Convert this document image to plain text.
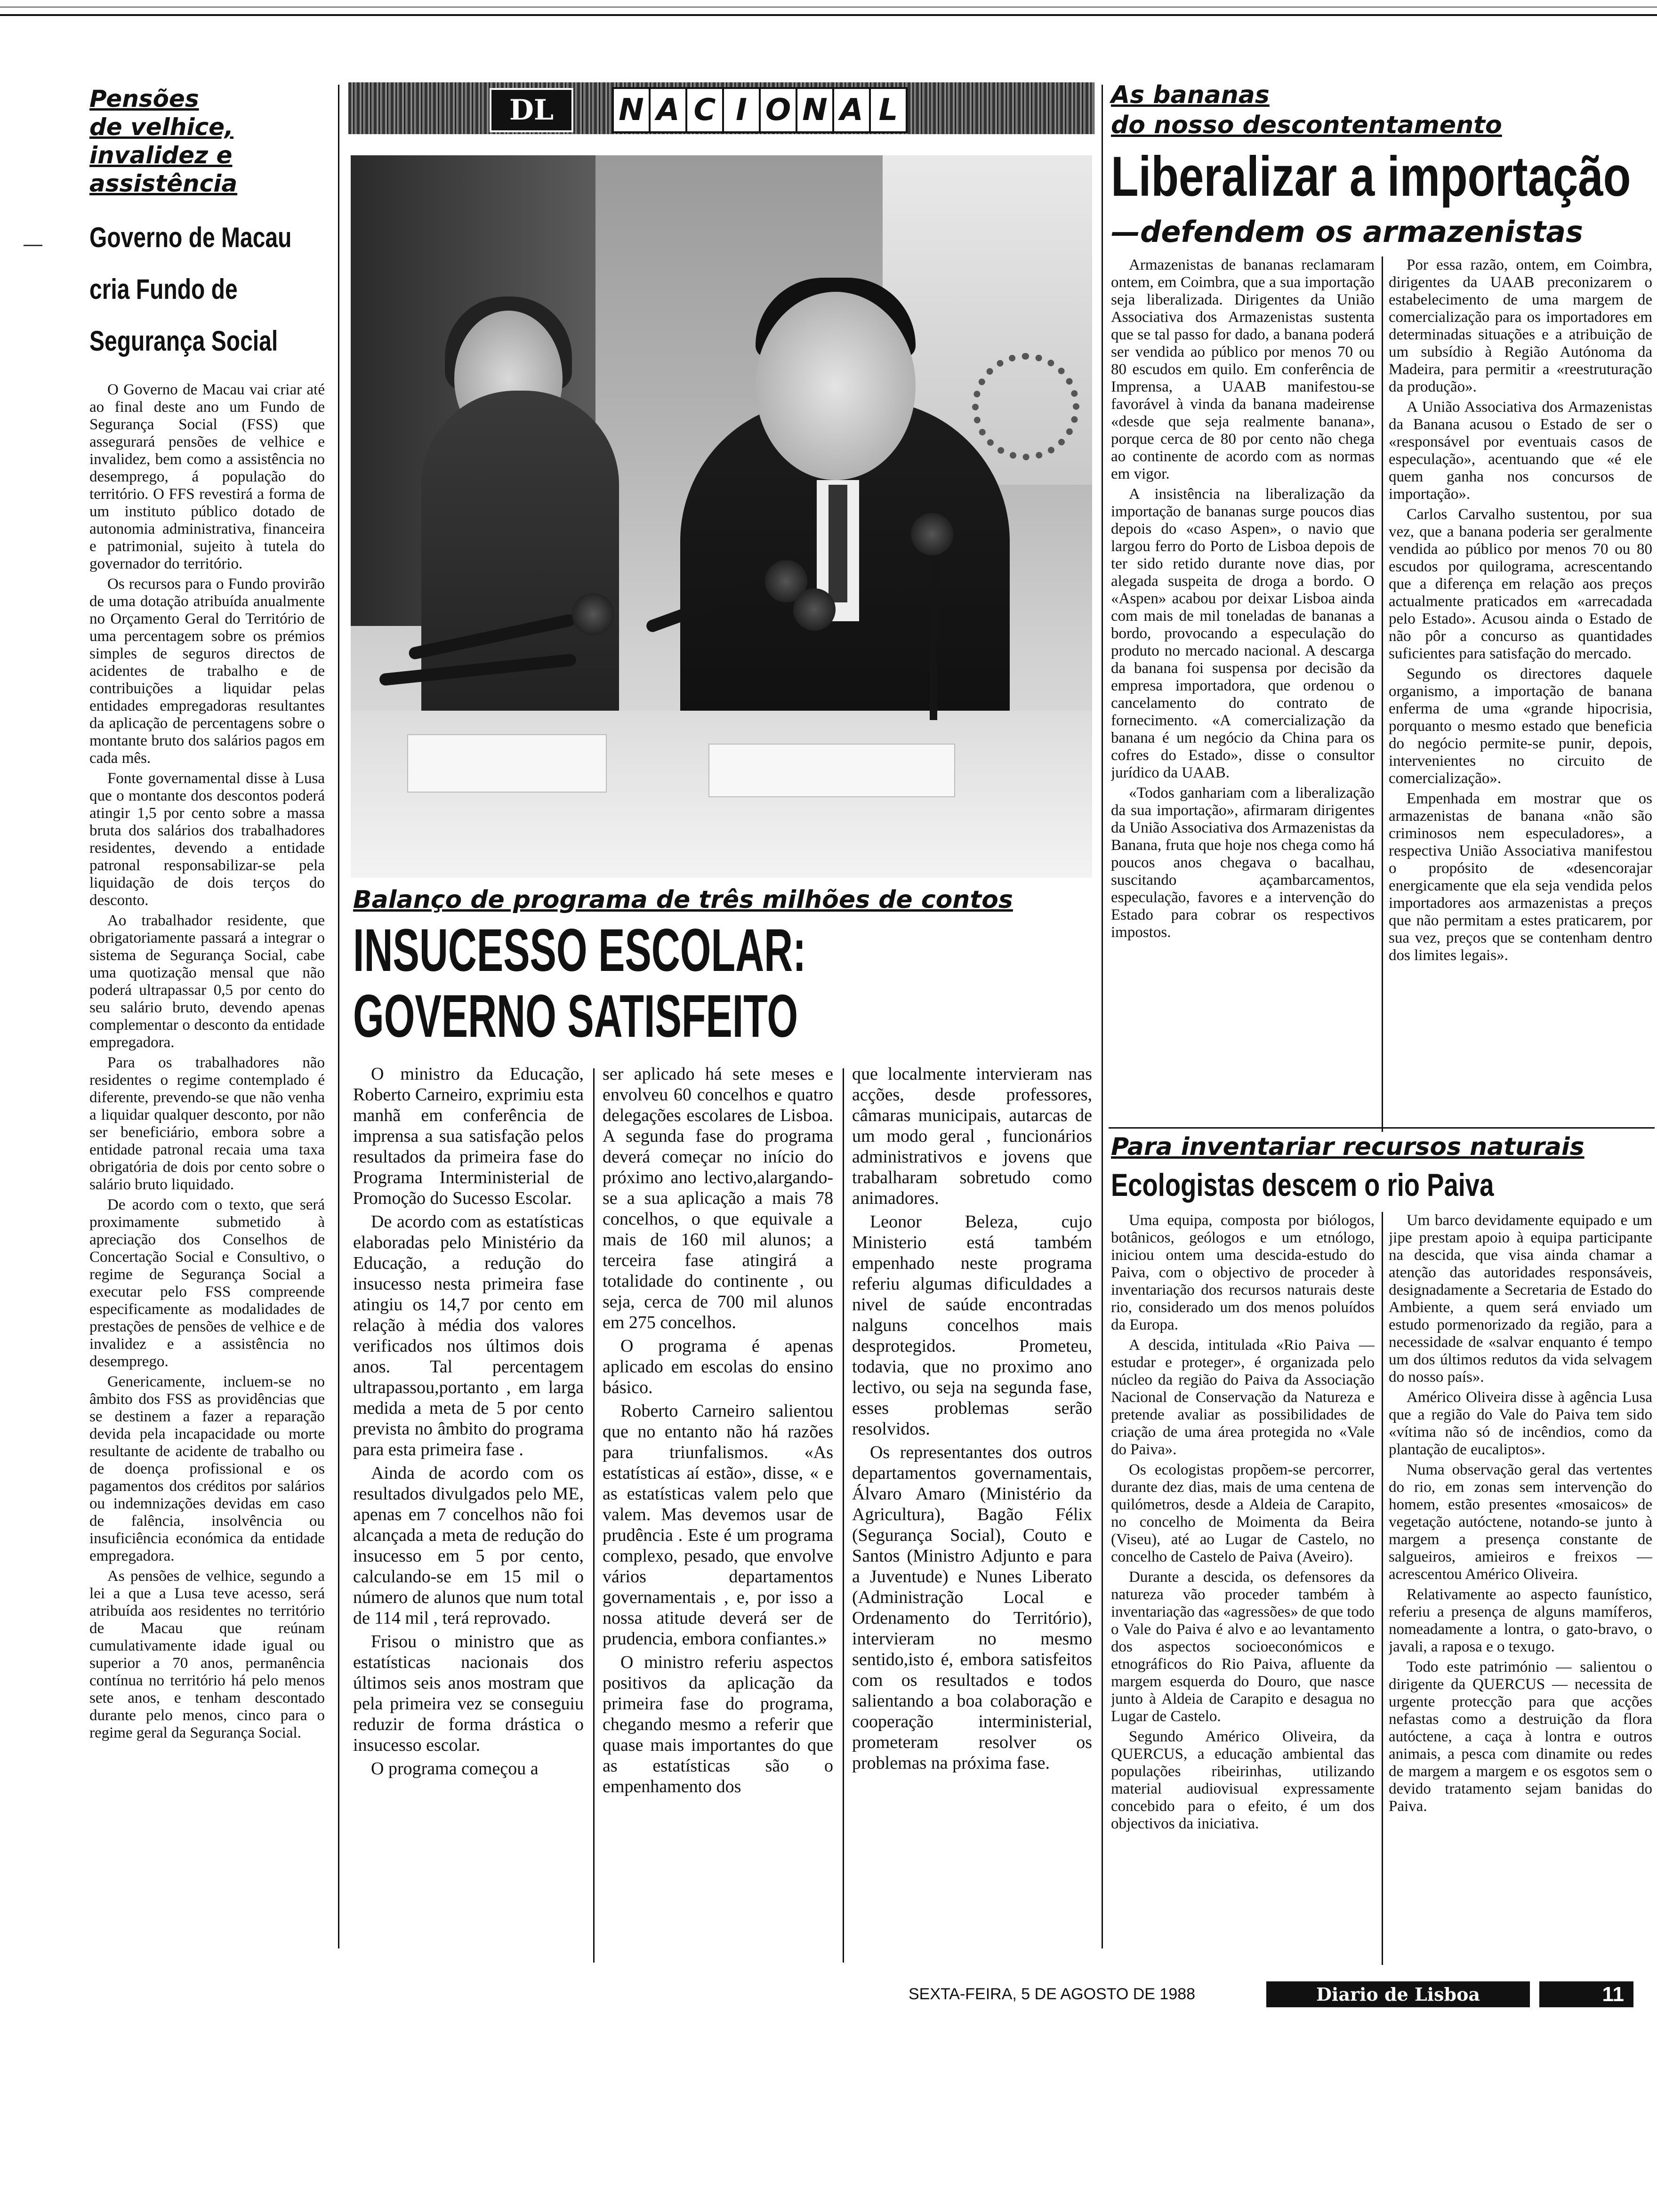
Pensões

de velhice,

invalidez e

assistência

Governo de Macau

cria Fundo de

Segurança Social

O Governo de Macau vai criar até ao final deste ano um Fundo de Segurança Social (FSS) que assegurará pensões de velhice e invalidez, bem como a assistência no desemprego, á população do território. O FFS revestirá a forma de um instituto público dotado de autonomia administrativa, financeira e patrimonial, sujeito à tutela do governador do território.

Os recursos para o Fundo provirão de uma dotação atribuída anualmente no Orçamento Geral do Território de uma percentagem sobre os prémios simples de seguros directos de acidentes de trabalho e de contribuições a liquidar pelas entidades empregadoras resultantes da aplicação de percentagens sobre o montante bruto dos salários pagos em cada mês.

Fonte governamental disse à Lusa que o montante dos descontos poderá atingir 1,5 por cento sobre a massa bruta dos salários dos trabalhadores residentes, devendo a entidade patronal responsabilizar-se pela liquidação de dois terços do desconto.

Ao trabalhador residente, que obrigatoriamente passará a integrar o sistema de Segurança Social, cabe uma quotização mensal que não poderá ultrapassar 0,5 por cento do seu salário bruto, devendo apenas complementar o desconto da entidade empregadora.

Para os trabalhadores não residentes o regime contemplado é diferente, prevendo-se que não venha a liquidar qualquer desconto, por não ser beneficiário, embora sobre a entidade patronal recaia uma taxa obrigatória de dois por cento sobre o salário bruto liquidado.

De acordo com o texto, que será proximamente submetido à apreciação dos Conselhos de Concertação Social e Consultivo, o regime de Segurança Social a executar pelo FSS compreende especificamente as modalidades de prestações de pensões de velhice e de invalidez e a assistência no desemprego.

Genericamente, incluem-se no âmbito dos FSS as providências que se destinem a fazer a reparação devida pela incapacidade ou morte resultante de acidente de trabalho ou de doença profissional e os pagamentos dos créditos por salários ou indemnizações devidas em caso de falência, insolvência ou insuficiência económica da entidade empregadora.

As pensões de velhice, segundo a lei a que a Lusa teve acesso, será atribuída aos residentes no território de Macau que reúnam cumulativamente idade igual ou superior a 70 anos, permanência contínua no território há pelo menos sete anos, e tenham descontado durante pelo menos, cinco para o regime geral da Segurança Social.

DL	N A C I O N A L

Balanço de programa de três milhões de contos

INSUCESSO ESCOLAR:

GOVERNO SATISFEITO

O ministro da Educação, Roberto Carneiro, exprimiu esta manhã em conferência de imprensa a sua satisfação pelos resultados da primeira fase do Programa Interministerial de Promoção do Sucesso Escolar.

De acordo com as estatísticas elaboradas pelo Ministério da Educação, a redução do insucesso nesta primeira fase atingiu os 14,7 por cento em relação à média dos valores verificados nos últimos dois anos. Tal percentagem ultrapassou,portanto , em larga medida a meta de 5 por cento prevista no âmbito do programa para esta primeira fase .

Ainda de acordo com os resultados divulgados pelo ME, apenas em 7 concelhos não foi alcançada a meta de redução do insucesso em 5 por cento, calculando-se em 15 mil o número de alunos que num total de 114 mil , terá reprovado.

Frisou o ministro que as estatísticas nacionais dos últimos seis anos mostram que pela primeira vez se conseguiu reduzir de forma drástica o insucesso escolar.

O programa começou a

ser aplicado há sete meses e envolveu 60 concelhos e quatro delegações escolares de Lisboa. A segunda fase do programa deverá começar no início do próximo ano lectivo,alargando-se a sua aplicação a mais 78 concelhos, o que equivale a mais de 160 mil alunos; a terceira fase atingirá a totalidade do continente , ou seja, cerca de 700 mil alunos em 275 concelhos.

O programa é apenas aplicado em escolas do ensino básico.

Roberto Carneiro salientou que no entanto não há razões para triunfalismos. «As estatísticas aí estão», disse, « e as estatísticas valem pelo que valem. Mas devemos usar de prudência . Este é um programa complexo, pesado, que envolve vários departamentos governamentais , e, por isso a nossa atitude deverá ser de prudencia, embora confiantes.»

O ministro referiu aspectos positivos da aplicação da primeira fase do programa, chegando mesmo a referir que quase mais importantes do que as estatísticas são o empenhamento dos

que localmente intervieram nas acções, desde professores, câmaras municipais, autarcas de um modo geral , funcionários administrativos e jovens que trabalharam sobretudo como animadores.

Leonor Beleza, cujo Ministerio está também empenhado neste programa referiu algumas dificuldades a nivel de saúde encontradas nalguns concelhos mais desprotegidos. Prometeu, todavia, que no proximo ano lectivo, ou seja na segunda fase, esses problemas serão resolvidos.

Os representantes dos outros departamentos governamentais, Álvaro Amaro (Ministério da Agricultura), Bagão Félix (Segurança Social), Couto e Santos (Ministro Adjunto e para a Juventude) e Nunes Liberato (Administração Local e Ordenamento do Território), intervieram no mesmo sentido,isto é, embora satisfeitos com os resultados e todos salientando a boa colaboração e cooperação interministerial, prometeram resolver os problemas na próxima fase.

As bananas

do nosso descontentamento

Liberalizar a importação

—defendem os armazenistas

Armazenistas de bananas reclamaram ontem, em Coimbra, que a sua importação seja liberalizada. Dirigentes da União Associativa dos Armazenistas sustenta que se tal passo for dado, a banana poderá ser vendida ao público por menos 70 ou 80 escudos em quilo. Em conferência de Imprensa, a UAAB manifestou-se favorável à vinda da banana madeirense «desde que seja realmente banana», porque cerca de 80 por cento não chega ao continente de acordo com as normas em vigor.

A insistência na liberalização da importação de bananas surge poucos dias depois do «caso Aspen», o navio que largou ferro do Porto de Lisboa depois de ter sido retido durante nove dias, por alegada suspeita de droga a bordo. O «Aspen» acabou por deixar Lisboa ainda com mais de mil toneladas de bananas a bordo, provocando a especulação do produto no mercado nacional. A descarga da banana foi suspensa por decisão da empresa importadora, que ordenou o cancelamento do contrato de fornecimento. «A comercialização da banana é um negócio da China para os cofres do Estado», disse o consultor jurídico da UAAB.

«Todos ganhariam com a liberalização da sua importação», afirmaram dirigentes da União Associativa dos Armazenistas da Banana, fruta que hoje nos chega como há poucos anos chegava o bacalhau, suscitando açambarcamentos, especulação, favores e a intervenção do Estado para cobrar os respectivos impostos.

Por essa razão, ontem, em Coimbra, dirigentes da UAAB preconizarem o estabelecimento de uma margem de comercialização para os importadores em determinadas situações e a atribuição de um subsídio à Região Autónoma da Madeira, para permitir a «reestruturação da produção».

A União Associativa dos Armazenistas da Banana acusou o Estado de ser o «responsável por eventuais casos de especulação», acentuando que «é ele quem ganha nos concursos de importação».

Carlos Carvalho sustentou, por sua vez, que a banana poderia ser geralmente vendida ao público por menos 70 ou 80 escudos por quilograma, acrescentando que a diferença em relação aos preços actualmente praticados em «arrecadada pelo Estado». Acusou ainda o Estado de não pôr a concurso as quantidades suficientes para satisfação do mercado.

Segundo os directores daquele organismo, a importação de banana enferma de uma «grande hipocrisia, porquanto o mesmo estado que beneficia do negócio permite-se punir, depois, intervenientes no circuito de comercialização».

Empenhada em mostrar que os armazenistas de banana «não são criminosos nem especuladores», a respectiva União Associativa manifestou o propósito de «desencorajar energicamente que ela seja vendida pelos importadores aos armazenistas a preços que não permitam a estes praticarem, por sua vez, preços que se contenham dentro dos limites legais».

Para inventariar recursos naturais

Ecologistas descem o rio Paiva

Uma equipa, composta por biólogos, botânicos, geólogos e um etnólogo, iniciou ontem uma descida-estudo do Paiva, com o objectivo de proceder à inventariação dos recursos naturais deste rio, considerado um dos menos poluídos da Europa.

A descida, intitulada «Rio Paiva — estudar e proteger», é organizada pelo núcleo da região do Paiva da Associação Nacional de Conservação da Natureza e pretende avaliar as possibilidades de criação de uma área protegida no «Vale do Paiva».

Os ecologistas propõem-se percorrer, durante dez dias, mais de uma centena de quilómetros, desde a Aldeia de Carapito, no concelho de Moimenta da Beira (Viseu), até ao Lugar de Castelo, no concelho de Castelo de Paiva (Aveiro).

Durante a descida, os defensores da natureza vão proceder também à inventariação das «agressões» de que todo o Vale do Paiva é alvo e ao levantamento dos aspectos socioeconómicos e etnográficos do Rio Paiva, afluente da margem esquerda do Douro, que nasce junto à Aldeia de Carapito e desagua no Lugar de Castelo.

Segundo Américo Oliveira, da QUERCUS, a educação ambiental das populações ribeirinhas, utilizando material audiovisual expressamente concebido para o efeito, é um dos objectivos da iniciativa.

Um barco devidamente equipado e um jipe prestam apoio à equipa participante na descida, que visa ainda chamar a atenção das autoridades responsáveis, designadamente a Secretaria de Estado do Ambiente, a quem será enviado um estudo pormenorizado da região, para a necessidade de «salvar enquanto é tempo um dos últimos redutos da vida selvagem do nosso país».

Américo Oliveira disse à agência Lusa que a região do Vale do Paiva tem sido «vítima não só de incêndios, como da plantação de eucaliptos».

Numa observação geral das vertentes do rio, em zonas sem intervenção do homem, estão presentes «mosaicos» de vegetação autóctene, notando-se junto à margem a presença constante de salgueiros, amieiros e freixos — acrescentou Américo Oliveira.

Relativamente ao aspecto faunístico, referiu a presença de alguns mamíferos, nomeadamente a lontra, o gato-bravo, o javali, a raposa e o texugo.

Todo este património — salientou o dirigente da QUERCUS — necessita de urgente protecção para que acções nefastas como a destruição da flora autóctene, a caça à lontra e outros animais, a pesca com dinamite ou redes de margem a margem e os esgotos sem o devido tratamento sejam banidas do Paiva.

SEXTA-FEIRA, 5 DE AGOSTO DE 1988	Diario de Lisboa	11
